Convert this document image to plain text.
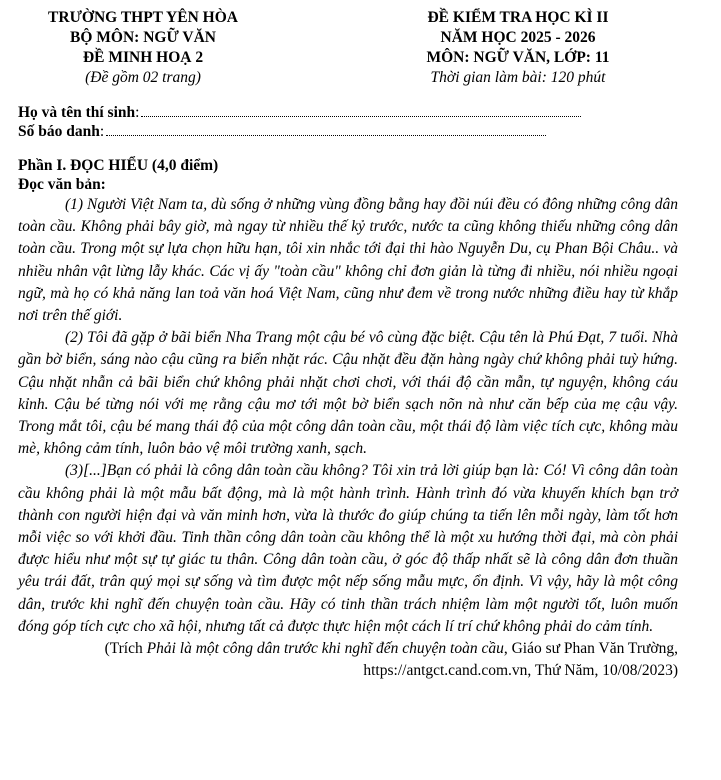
TRƯỜNG THPT YÊN HÒA
BỘ MÔN: NGỮ VĂN
ĐỀ MINH HOẠ 2
(Đề gồm 02 trang)
ĐỀ KIỂM TRA HỌC KÌ II
NĂM HỌC 2025 - 2026
MÔN: NGỮ VĂN, LỚP: 11
Thời gian làm bài: 120 phút
Họ và tên thí sinh :
Số báo danh :
Phần I. ĐỌC HIỂU (4,0 điểm)
Đọc văn bản:

(1) Người Việt Nam ta, dù sống ở những vùng đồng bằng hay đồi núi đều có đông những công dân toàn cầu. Không phải bây giờ, mà ngay từ nhiều thế kỷ trước, nước ta cũng không thiếu những công dân toàn cầu. Trong một sự lựa chọn hữu hạn, tôi xin nhắc tới đại thi hào Nguyễn Du, cụ Phan Bội Châu.. và nhiều nhân vật lừng lẫy khác. Các vị ấy "toàn cầu" không chỉ đơn giản là từng đi nhiều, nói nhiều ngoại ngữ, mà họ có khả năng lan toả văn hoá Việt Nam, cũng như đem về trong nước những điều hay từ khắp nơi trên thế giới.

(2) Tôi đã gặp ở bãi biển Nha Trang một cậu bé vô cùng đặc biệt. Cậu tên là Phú Đạt, 7 tuổi. Nhà gần bờ biển, sáng nào cậu cũng ra biển nhặt rác. Cậu nhặt đều đặn hàng ngày chứ không phải tuỳ hứng. Cậu nhặt nhẫn cả bãi biển chứ không phải nhặt chơi chơi, với thái độ cần mẫn, tự nguyện, không cáu kỉnh. Cậu bé từng nói với mẹ rằng cậu mơ tới một bờ biển sạch nõn nà như căn bếp của mẹ cậu vậy. Trong mắt tôi, cậu bé mang thái độ của một công dân toàn cầu, một thái độ làm việc tích cực, không màu mè, không cảm tính, luôn bảo vệ môi trường xanh, sạch.

(3)[...]Bạn có phải là công dân toàn cầu không? Tôi xin trả lời giúp bạn là: Có! Vì công dân toàn cầu không phải là một mẫu bất động, mà là một hành trình. Hành trình đó vừa khuyến khích bạn trở thành con người hiện đại và văn minh hơn, vừa là thước đo giúp chúng ta tiến lên mỗi ngày, làm tốt hơn mỗi việc so với khởi đầu. Tinh thần công dân toàn cầu không thể là một xu hướng thời đại, mà còn phải được hiểu như một sự tự giác tu thân. Công dân toàn cầu, ở góc độ thấp nhất sẽ là công dân đơn thuần yêu trái đất, trân quý mọi sự sống và tìm được một nếp sống mẫu mực, ổn định. Vì vậy, hãy là một công dân, trước khi nghĩ đến chuyện toàn cầu. Hãy có tinh thần trách nhiệm làm một người tốt, luôn muốn đóng góp tích cực cho xã hội, nhưng tất cả được thực hiện một cách lí trí chứ không phải do cảm tính.

(Trích Phải là một công dân trước khi nghĩ đến chuyện toàn cầu, Giáo sư Phan Văn Trường,
https://antgct.cand.com.vn, Thứ Năm, 10/08/2023)
